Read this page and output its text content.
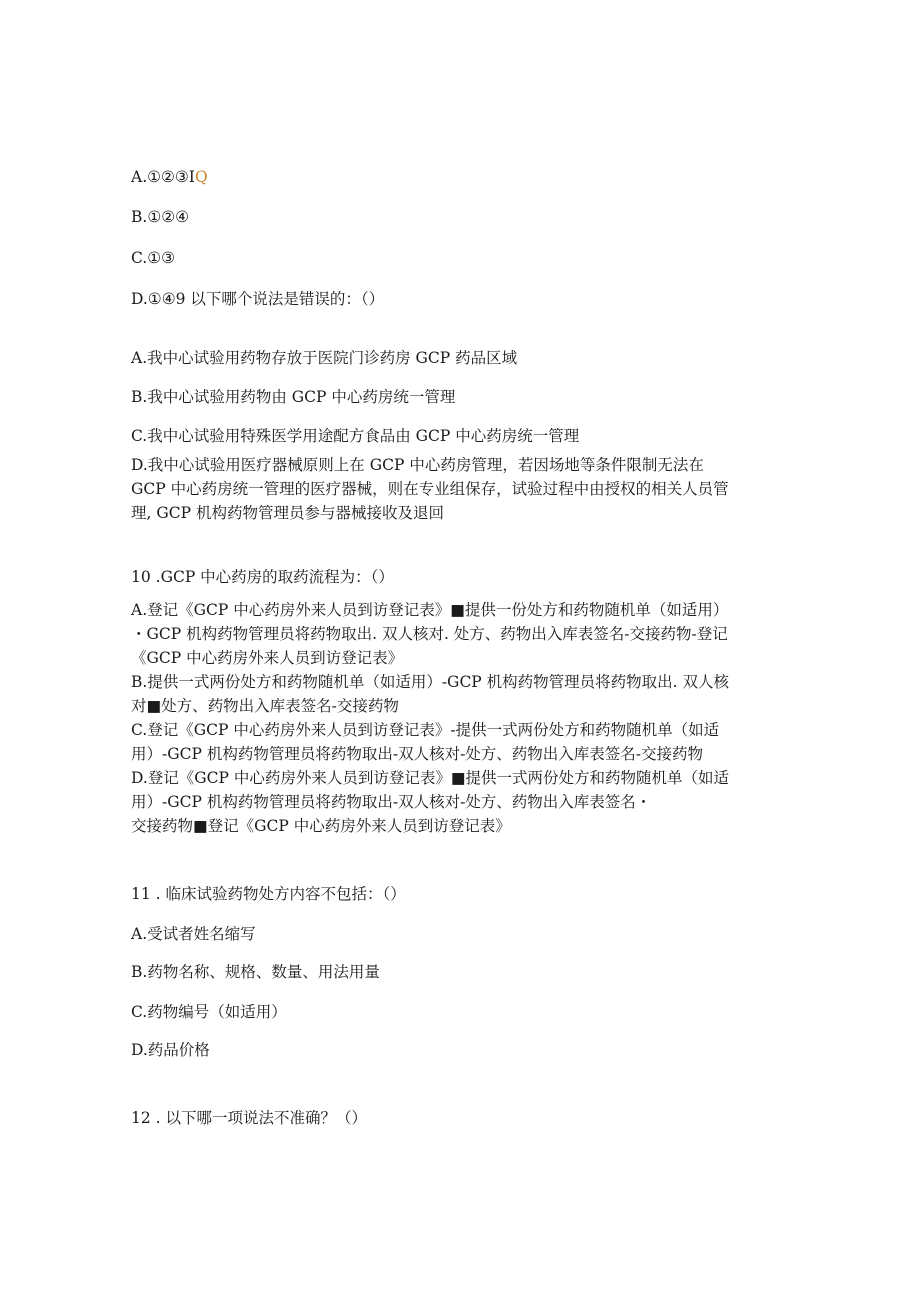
A.①②③IQ
B.①②④
C.①③
D.①④9 以下哪个说法是错误的：（）
A.我中心试验用药物存放于医院门诊药房 GCP 药品区域
B.我中心试验用药物由 GCP 中心药房统一管理
C.我中心试验用特殊医学用途配方食品由 GCP 中心药房统一管理
D.我中心试验用医疗器械原则上在 GCP 中心药房管理，若因场地等条件限制无法在
GCP 中心药房统一管理的医疗器械，则在专业组保存，试验过程中由授权的相关人员管
理, GCP 机构药物管理员参与器械接收及退回
10 .GCP 中心药房的取药流程为：（）
A.登记《GCP 中心药房外来人员到访登记表》■提供一份处方和药物随机单（如适用）
・GCP 机构药物管理员将药物取出. 双人核对. 处方、药物出入库表签名-交接药物-登记
《GCP 中心药房外来人员到访登记表》
B.提供一式两份处方和药物随机单（如适用）-GCP 机构药物管理员将药物取出. 双人核
对■处方、药物出入库表签名-交接药物
C.登记《GCP 中心药房外来人员到访登记表》-提供一式两份处方和药物随机单（如适
用）-GCP 机构药物管理员将药物取出-双人核对-处方、药物出入库表签名-交接药物
D.登记《GCP 中心药房外来人员到访登记表》■提供一式两份处方和药物随机单（如适
用）-GCP 机构药物管理员将药物取出-双人核对-处方、药物出入库表签名・
交接药物■登记《GCP 中心药房外来人员到访登记表》
11 . 临床试验药物处方内容不包括：（）
A.受试者姓名缩写
B.药物名称、规格、数量、用法用量
C.药物编号（如适用）
D.药品价格
12 . 以下哪一项说法不准确？（）
